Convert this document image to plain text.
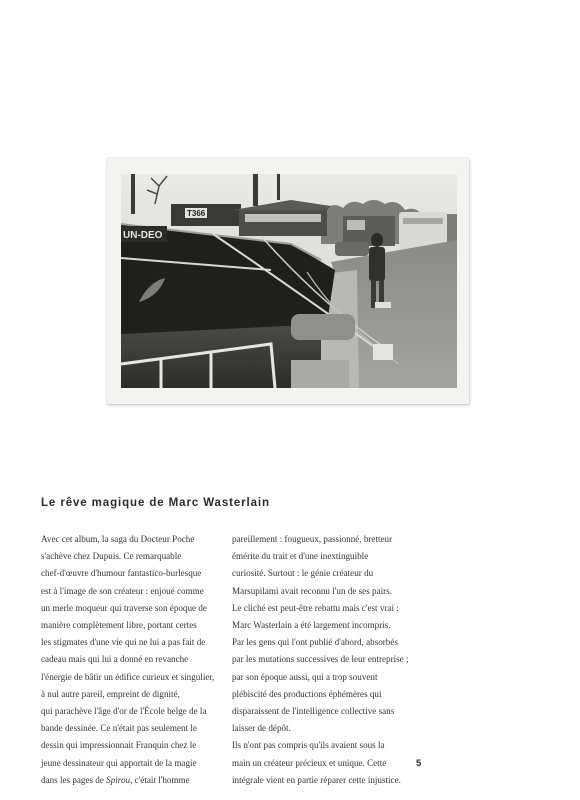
UN-DEO
T366
Le rêve magique de Marc Wasterlain
Avec cet album, la saga du Docteur Poche
s'achève chez Dupuis. Ce remarquable
chef-d'œuvre d'humour fantastico-burlesque
est à l'image de son créateur : enjoué comme
un merle moqueur qui traverse son époque de
manière complètement libre, portant certes
les stigmates d'une vie qui ne lui a pas fait de
cadeau mais qui lui a donné en revanche
l'énergie de bâtir un édifice curieux et singulier,
à nul autre pareil, empreint de dignité,
qui parachève l'âge d'or de l'École belge de la
bande dessinée. Ce n'était pas seulement le
dessin qui impressionnait Franquin chez le
jeune dessinateur qui apportait de la magie
dans les pages de Spirou, c'était l'homme
pareillement : fougueux, passionné, bretteur
émérite du trait et d'une inextinguible
curiosité. Surtout : le génie créateur du
Marsupilami avait reconnu l'un de ses pairs.
Le cliché est peut-être rebattu mais c'est vrai :
Marc Wasterlain a été largement incompris.
Par les gens qui l'ont publié d'abord, absorbés
par les mutations successives de leur entreprise ;
par son époque aussi, qui a trop souvent
plébiscité des productions éphémères qui
disparaissent de l'intelligence collective sans
laisser de dépôt.
Ils n'ont pas compris qu'ils avaient sous la
main un créateur précieux et unique. Cette
intégrale vient en partie réparer cette injustice.
5
